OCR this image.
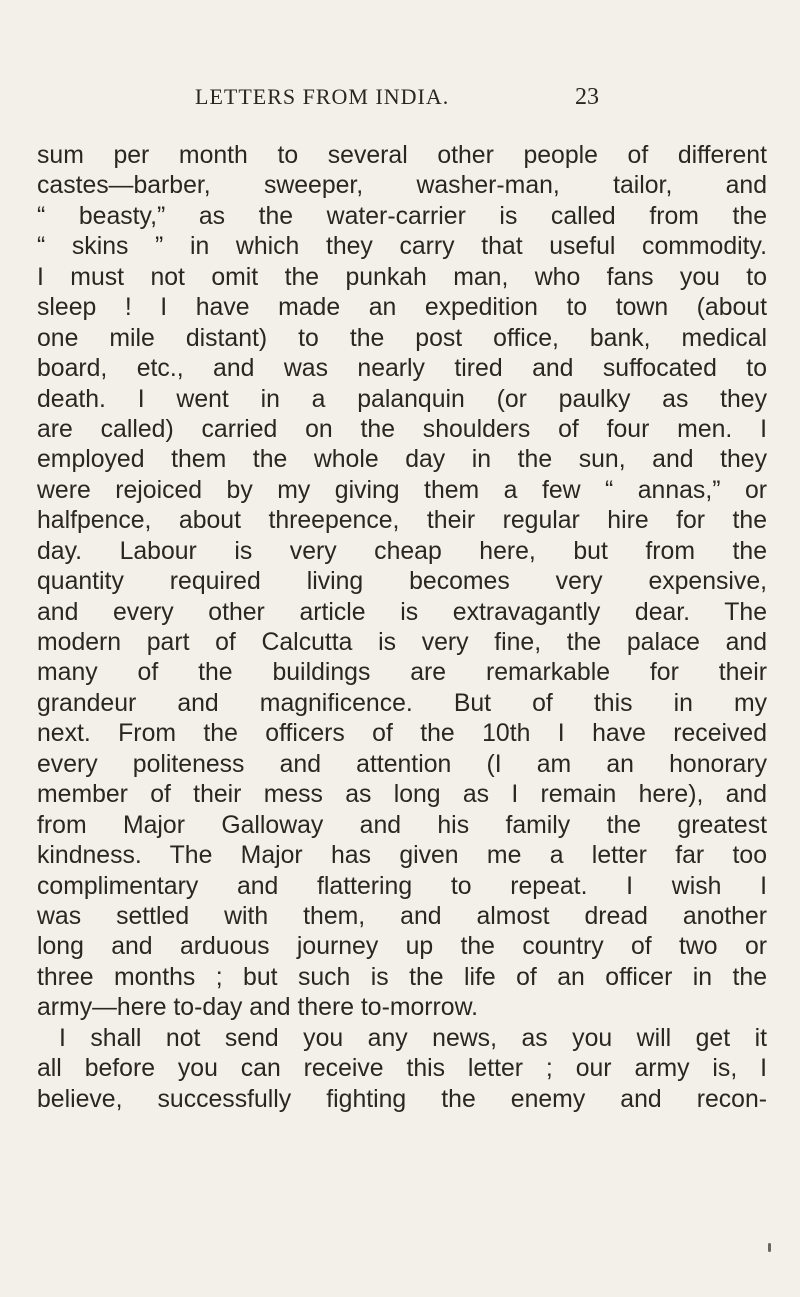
LETTERS FROM INDIA.	23
sum per month to several other people of different
castes—barber, sweeper, washer-man, tailor, and
“ beasty,” as the water-carrier is called from the
“ skins ” in which they carry that useful commodity.
I must not omit the punkah man, who fans you to
sleep ! I have made an expedition to town (about
one mile distant) to the post office, bank, medical
board, etc., and was nearly tired and suffocated to
death. I went in a palanquin (or paulky as they
are called) carried on the shoulders of four men. I
employed them the whole day in the sun, and they
were rejoiced by my giving them a few “ annas,” or
halfpence, about threepence, their regular hire for the
day. Labour is very cheap here, but from the
quantity required living becomes very expensive,
and every other article is extravagantly dear. The
modern part of Calcutta is very fine, the palace and
many of the buildings are remarkable for their
grandeur and magnificence. But of this in my
next. From the officers of the 10th I have received
every politeness and attention (I am an honorary
member of their mess as long as I remain here), and
from Major Galloway and his family the greatest
kindness. The Major has given me a letter far too
complimentary and flattering to repeat. I wish I
was settled with them, and almost dread another
long and arduous journey up the country of two or
three months ; but such is the life of an officer in the
army—here to-day and there to-morrow.
I shall not send you any news, as you will get it
all before you can receive this letter ; our army is, I
believe, successfully fighting the enemy and recon-
